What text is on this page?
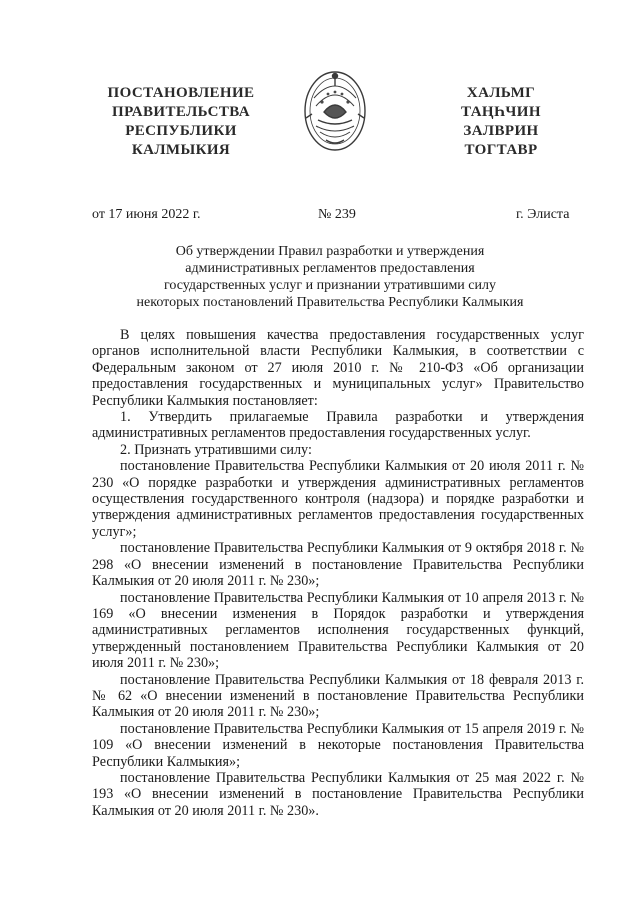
ПОСТАНОВЛЕНИЕ
ПРАВИТЕЛЬСТВА
РЕСПУБЛИКИ
КАЛМЫКИЯ
ХАЛЬМГ
ТАҢҺЧИН
ЗАЛВРИН
ТОГТАВР
от 17 июня 2022 г.	№ 239	г. Элиста
Об утверждении Правил разработки и утверждения
административных регламентов предоставления
государственных услуг и признании утратившими силу
некоторых постановлений Правительства Республики Калмыкия

В целях повышения качества предоставления государственных услуг органов исполнительной власти Республики Калмыкия, в соответствии с Федеральным законом от 27 июля 2010 г. № 210-ФЗ «Об организации предоставления государственных и муниципальных услуг» Правительство Республики Калмыкия постановляет:

1. Утвердить прилагаемые Правила разработки и утверждения административных регламентов предоставления государственных услуг.

2. Признать утратившими силу:

постановление Правительства Республики Калмыкия от 20 июля 2011 г. № 230 «О порядке разработки и утверждения административных регламентов осуществления государственного контроля (надзора) и порядке разработки и утверждения административных регламентов предоставления государственных услуг»;

постановление Правительства Республики Калмыкия от 9 октября 2018 г. № 298 «О внесении изменений в постановление Правительства Республики Калмыкия от 20 июля 2011 г. № 230»;

постановление Правительства Республики Калмыкия от 10 апреля 2013 г. № 169 «О внесении изменения в Порядок разработки и утверждения административных регламентов исполнения государственных функций, утвержденный постановлением Правительства Республики Калмыкия от 20 июля 2011 г. № 230»;

постановление Правительства Республики Калмыкия от 18 февраля 2013 г. № 62 «О внесении изменений в постановление Правительства Республики Калмыкия от 20 июля 2011 г. № 230»;

постановление Правительства Республики Калмыкия от 15 апреля 2019 г. № 109 «О внесении изменений в некоторые постановления Правительства Республики Калмыкия»;

постановление Правительства Республики Калмыкия от 25 мая 2022 г. № 193 «О внесении изменений в постановление Правительства Республики Калмыкия от 20 июля 2011 г. № 230».
